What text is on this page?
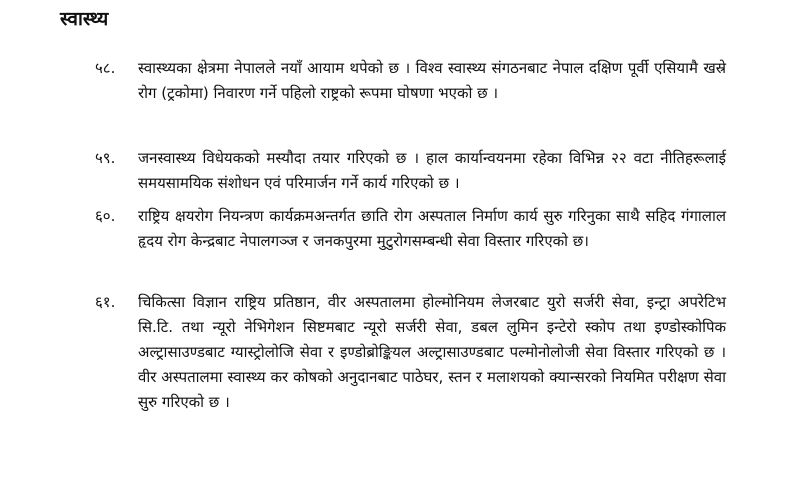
स्वास्थ्य
५८. स्वास्थ्यका क्षेत्रमा नेपालले नयाँ आयाम थपेको छ । विश्व स्वास्थ्य संगठनबाट नेपाल दक्षिण पूर्वी एसियामै खस्रे रोग (ट्रकोमा) निवारण गर्ने पहिलो राष्ट्रको रूपमा घोषणा भएको छ ।
५९. जनस्वास्थ्य विधेयकको मस्यौदा तयार गरिएको छ । हाल कार्यान्वयनमा रहेका विभिन्न २२ वटा नीतिहरूलाई समयसामयिक संशोधन एवं परिमार्जन गर्ने कार्य गरिएको छ ।
६०. राष्ट्रिय क्षयरोग नियन्त्रण कार्यक्रमअन्तर्गत छाति रोग अस्पताल निर्माण कार्य सुरु गरिनुका साथै सहिद गंगालाल हृदय रोग केन्द्रबाट नेपालगञ्ज र जनकपुरमा मुटुरोगसम्बन्धी सेवा विस्तार गरिएको छ।
६१. चिकित्सा विज्ञान राष्ट्रिय प्रतिष्ठान, वीर अस्पतालमा होल्मोनियम लेजरबाट युरो सर्जरी सेवा, इन्ट्रा अपरेटिभ सि.टि. तथा न्यूरो नेभिगेशन सिष्टमबाट न्यूरो सर्जरी सेवा, डबल लुमिन इन्टेरो स्कोप तथा इण्डोस्कोपिक अल्ट्रासाउण्डबाट ग्यास्ट्रोलोजि सेवा र इण्डोब्रोङ्कियल अल्ट्रासाउण्डबाट पल्मोनोलोजी सेवा विस्तार गरिएको छ । वीर अस्पतालमा स्वास्थ्य कर कोषको अनुदानबाट पाठेघर, स्तन र मलाशयको क्यान्सरको नियमित परीक्षण सेवा सुरु गरिएको छ ।
